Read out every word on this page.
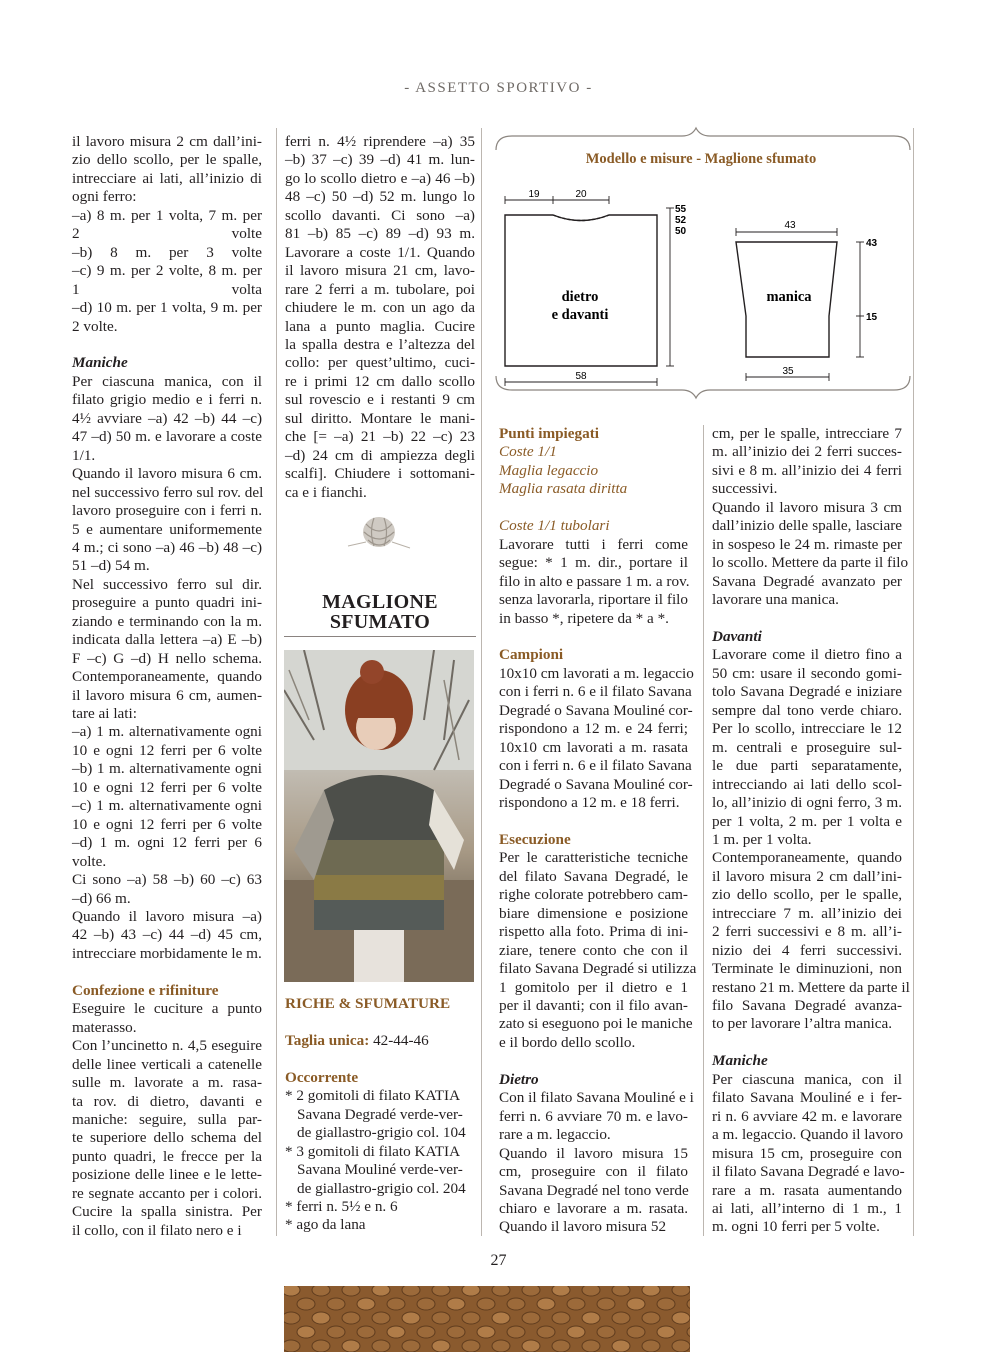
- ASSETTO SPORTIVO -
il lavoro misura 2 cm dall’ini-
zio dello scollo, per le spalle,
intrecciare ai lati, all’inizio di
ogni ferro:
–a) 8 m. per 1 volta, 7 m. per
2 volte
–b) 8 m. per 3 volte
–c) 9 m. per 2 volte, 8 m. per
1 volta
–d) 10 m. per 1 volta, 9 m. per
2 volte.

Maniche

Per ciascuna manica, con il
filato grigio medio e i ferri n.
4½ avviare –a) 42 –b) 44 –c)
47 –d) 50 m. e lavorare a coste
1/1.
Quando il lavoro misura 6 cm.
nel successivo ferro sul rov. del
lavoro proseguire con i ferri n.
5 e aumentare uniformemente
4 m.; ci sono –a) 46 –b) 48 –c)
51 –d) 54 m.
Nel successivo ferro sul dir.
proseguire a punto quadri ini-
ziando e terminando con la m.
indicata dalla lettera –a) E –b)
F –c) G –d) H nello schema.
Contemporaneamente, quando
il lavoro misura 6 cm, aumen-
tare ai lati:
–a) 1 m. alternativamente ogni
10 e ogni 12 ferri per 6 volte
–b) 1 m. alternativamente ogni
10 e ogni 12 ferri per 6 volte
–c) 1 m. alternativamente ogni
10 e ogni 12 ferri per 6 volte
–d) 1 m. ogni 12 ferri per 6
volte.
Ci sono –a) 58 –b) 60 –c) 63
–d) 66 m.
Quando il lavoro misura –a)
42 –b) 43 –c) 44 –d) 45 cm,
intrecciare morbidamente le m.

Confezione e rifiniture

Eseguire le cuciture a punto
materasso.
Con l’uncinetto n. 4,5 eseguire
delle linee verticali a catenelle
sulle m. lavorate a m. rasa-
ta rov. di dietro, davanti e
maniche: seguire, sulla par-
te superiore dello schema del
punto quadri, le frecce per la
posizione delle linee e le lette-
re segnate accanto per i colori.
Cucire la spalla sinistra. Per
il collo, con il filato nero e i
ferri n. 4½ riprendere –a) 35
–b) 37 –c) 39 –d) 41 m. lun-
go lo scollo dietro e –a) 46 –b)
48 –c) 50 –d) 52 m. lungo lo
scollo davanti. Ci sono –a)
81 –b) 85 –c) 89 –d) 93 m.
Lavorare a coste 1/1. Quando
il lavoro misura 21 cm, lavo-
rare 2 ferri a m. tubolare, poi
chiudere le m. con un ago da
lana a punto maglia. Cucire
la spalla destra e l’altezza del
collo: per quest’ultimo, cuci-
re i primi 12 cm dallo scollo
sul rovescio e i restanti 9 cm
sul diritto. Montare le mani-
che [= –a) 21 –b) 22 –c) 23
–d) 24 cm di ampiezza degli
scalfi]. Chiudere i sottomani-
ca e i fianchi.
MAGLIONE
SFUMATO

RICHE & SFUMATURE

Taglia unica: 42-44-46

Occorrente

* 2 gomitoli di filato KATIA
Savana Degradé verde-ver-
de giallastro-grigio col. 104
* 3 gomitoli di filato KATIA
Savana Mouliné verde-ver-
de giallastro-grigio col. 204
* ferri n. 5½ e n. 6
* ago da lana
Modello e misure - Maglione sfumato
19	20
55
52
50
dietro
e davanti
58
43
43
15
manica
35

Punti impiegati

Coste 1/1

Maglia legaccio

Maglia rasata diritta

Coste 1/1 tubolari

Lavorare tutti i ferri come
segue: * 1 m. dir., portare il
filo in alto e passare 1 m. a rov.
senza lavorarla, riportare il filo
in basso *, ripetere da * a *.

Campioni

10x10 cm lavorati a m. legaccio
con i ferri n. 6 e il filato Savana
Degradé o Savana Mouliné cor-
rispondono a 12 m. e 24 ferri;
10x10 cm lavorati a m. rasata
con i ferri n. 6 e il filato Savana
Degradé o Savana Mouliné cor-
rispondono a 12 m. e 18 ferri.

Esecuzione

Per le caratteristiche tecniche
del filato Savana Degradé, le
righe colorate potrebbero cam-
biare dimensione e posizione
rispetto alla foto. Prima di ini-
ziare, tenere conto che con il
filato Savana Degradé si utilizza
1 gomitolo per il dietro e 1
per il davanti; con il filo avan-
zato si eseguono poi le maniche
e il bordo dello scollo.

Dietro

Con il filato Savana Mouliné e i
ferri n. 6 avviare 70 m. e lavo-
rare a m. legaccio.
Quando il lavoro misura 15
cm, proseguire con il filato
Savana Degradé nel tono verde
chiaro e lavorare a m. rasata.
Quando il lavoro misura 52
cm, per le spalle, intrecciare 7
m. all’inizio dei 2 ferri succes-
sivi e 8 m. all’inizio dei 4 ferri
successivi.
Quando il lavoro misura 3 cm
dall’inizio delle spalle, lasciare
in sospeso le 24 m. rimaste per
lo scollo. Mettere da parte il filo
Savana Degradé avanzato per
lavorare una manica.

Davanti

Lavorare come il dietro fino a
50 cm: usare il secondo gomi-
tolo Savana Degradé e iniziare
sempre dal tono verde chiaro.
Per lo scollo, intrecciare le 12
m. centrali e proseguire sul-
le due parti separatamente,
intrecciando ai lati dello scol-
lo, all’inizio di ogni ferro, 3 m.
per 1 volta, 2 m. per 1 volta e
1 m. per 1 volta.
Contemporaneamente, quando
il lavoro misura 2 cm dall’ini-
zio dello scollo, per le spalle,
intrecciare 7 m. all’inizio dei
2 ferri successivi e 8 m. all’i-
nizio dei 4 ferri successivi.
Terminate le diminuzioni, non
restano 21 m. Mettere da parte il
filo Savana Degradé avanza-
to per lavorare l’altra manica.

Maniche

Per ciascuna manica, con il
filato Savana Mouliné e i fer-
ri n. 6 avviare 42 m. e lavorare
a m. legaccio. Quando il lavoro
misura 15 cm, proseguire con
il filato Savana Degradé e lavo-
rare a m. rasata aumentando
ai lati, all’interno di 1 m., 1
m. ogni 10 ferri per 5 volte.
27
